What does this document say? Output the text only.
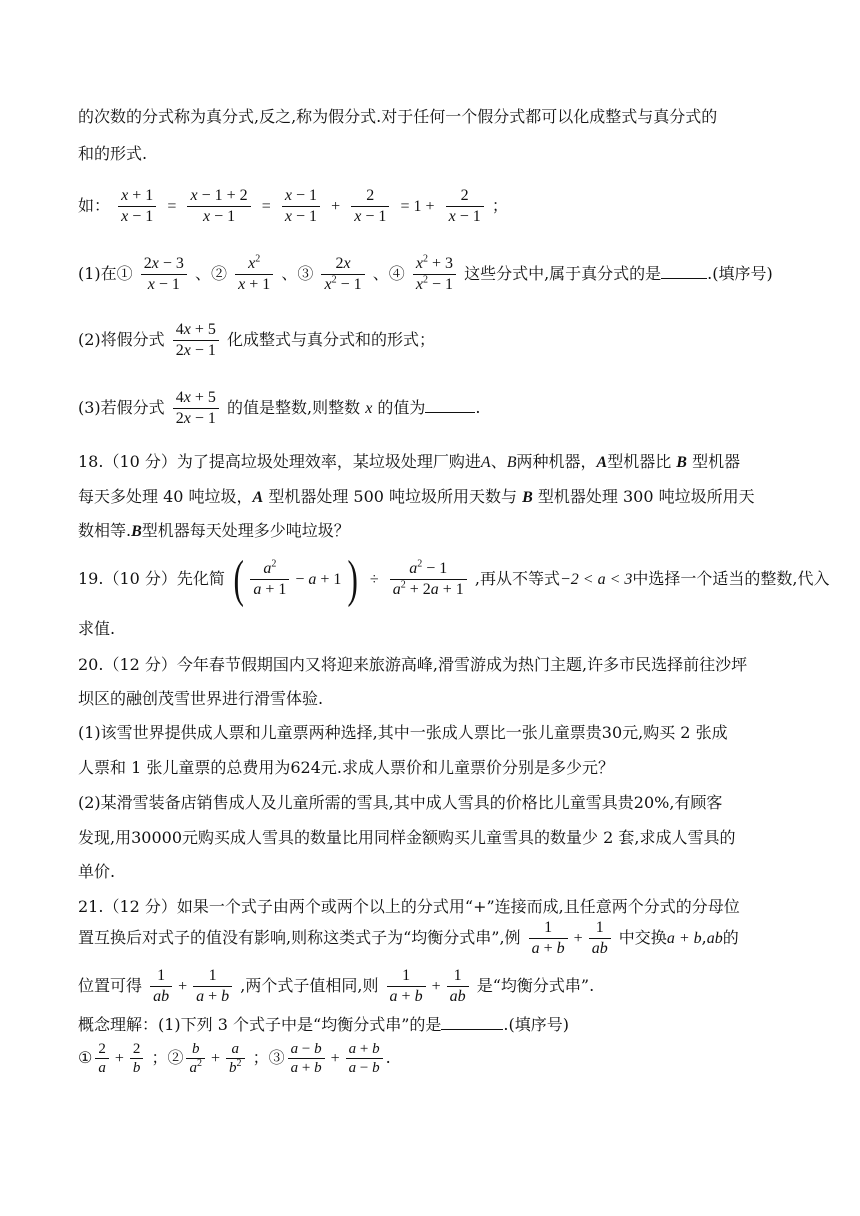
的次数的分式称为真分式,反之,称为假分式.对于任何一个假分式都可以化成整式与真分式的
和的形式.
如： $\frac{x + 1}{x - 1} = \frac{x - 1 + 2}{x - 1} = \frac{x - 1}{x - 1} + \frac{2}{x - 1} = 1 + \frac{2}{x - 1}$ ；
(1)在① $\frac{2x - 3}{x - 1}$ 、② $\frac{x^2}{x + 1}$ 、③ $\frac{2x}{x^2 - 1}$ 、④ $\frac{x^2 + 3}{x^2 - 1}$ 这些分式中,属于真分式的是	.(填序号)
(2)将假分式 $\frac{4x + 5}{2x - 1}$ 化成整式与真分式和的形式；
(3)若假分式 $\frac{4x + 5}{2x - 1}$ 的值是整数,则整数 x 的值为	.
18.（10 分）为了提高垃圾处理效率，某垃圾处理厂购进A、B两种机器，A型机器比 B 型机器
每天多处理 40 吨垃圾，A 型机器处理 500 吨垃圾所用天数与 B 型机器处理 300 吨垃圾所用天
数相等.B型机器每天处理多少吨垃圾？
19.（10 分）先化简 ( $\frac{a^2}{a + 1} - a + 1$ ) ÷ $\frac{a^2 - 1}{a^2 + 2a + 1}$ ,再从不等式−2 < a < 3中选择一个适当的整数,代入
求值.
20.（12 分）今年春节假期国内又将迎来旅游高峰,滑雪游成为热门主题,许多市民选择前往沙坪
坝区的融创茂雪世界进行滑雪体验.
(1)该雪世界提供成人票和儿童票两种选择,其中一张成人票比一张儿童票贵30元,购买 2 张成
人票和 1 张儿童票的总费用为624元.求成人票价和儿童票价分别是多少元？
(2)某滑雪装备店销售成人及儿童所需的雪具,其中成人雪具的价格比儿童雪具贵20%,有顾客
发现,用30000元购买成人雪具的数量比用同样金额购买儿童雪具的数量少 2 套,求成人雪具的
单价.
21.（12 分）如果一个式子由两个或两个以上的分式用“+”连接而成,且任意两个分式的分母位
置互换后对式子的值没有影响,则称这类式子为“均衡分式串”,例 $\frac{1}{a + b} + \frac{1}{ab}$ 中交换a + b,ab的
位置可得 $\frac{1}{ab} + \frac{1}{a + b}$ ,两个式子值相同,则 $\frac{1}{a + b} + \frac{1}{ab}$ 是“均衡分式串”.
概念理解：(1)下列 3 个式子中是“均衡分式串”的是	.(填序号)
① $\frac{2}{a} + \frac{2}{b}$ ；② $\frac{b}{a^2} + \frac{a}{b^2}$ ；③ $\frac{a - b}{a + b} + \frac{a + b}{a - b}$ .
